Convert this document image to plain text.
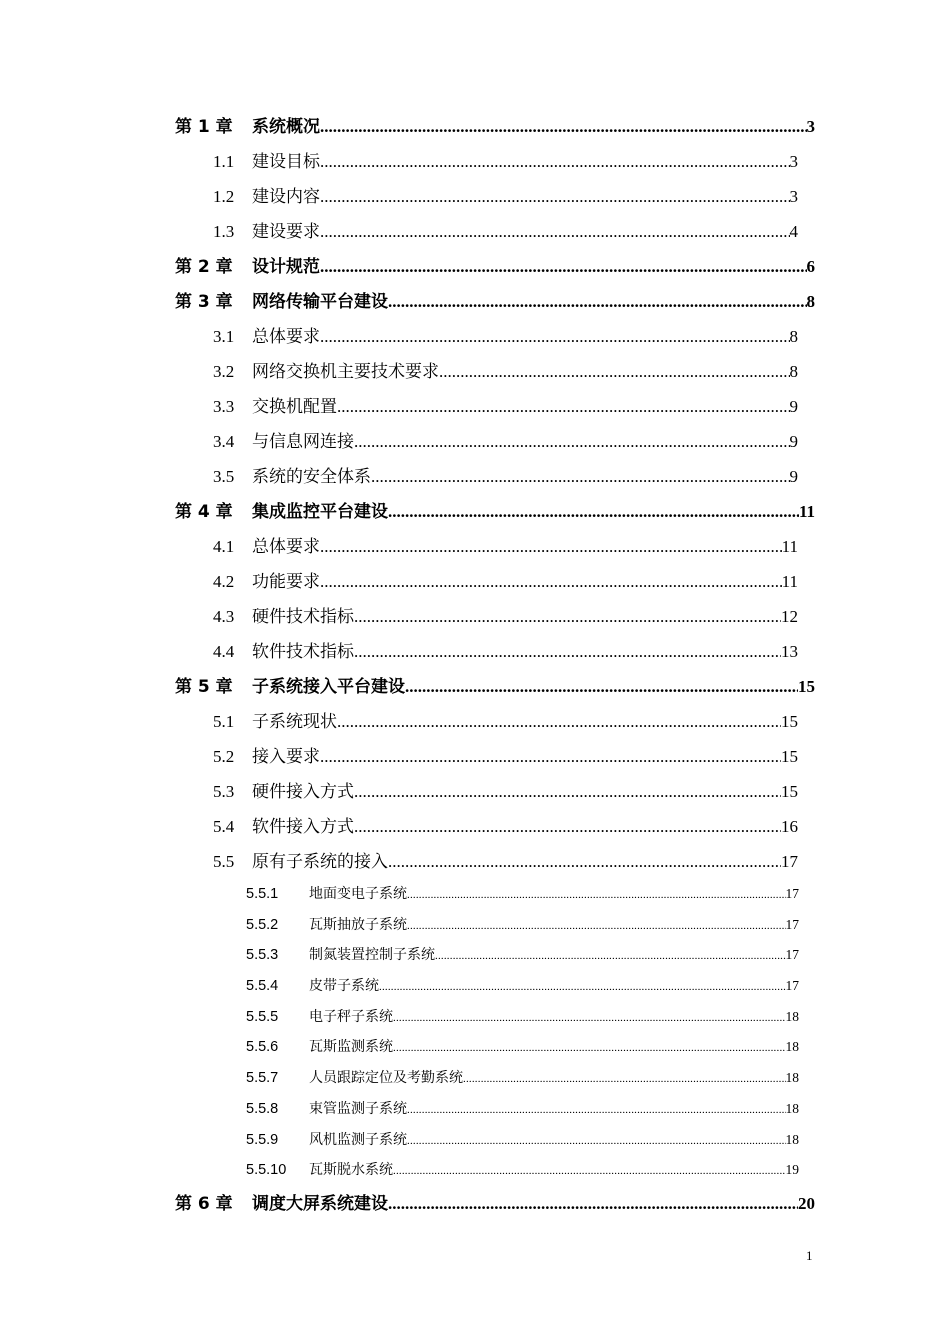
第 1 章	系统概况 .....	3
1.1	建设目标 .....	3
1.2	建设内容 .....	3
1.3	建设要求 .....	4
第 2 章	设计规范 .....	6
第 3 章	网络传输平台建设 .....	8
3.1	总体要求 .....	8
3.2	网络交换机主要技术要求 .....	8
3.3	交换机配置 .....	9
3.4	与信息网连接 .....	9
3.5	系统的安全体系 .....	9
第 4 章	集成监控平台建设 .....	11
4.1	总体要求 .....	11
4.2	功能要求 .....	11
4.3	硬件技术指标 .....	12
4.4	软件技术指标 .....	13
第 5 章	子系统接入平台建设 .....	15
5.1	子系统现状 .....	15
5.2	接入要求 .....	15
5.3	硬件接入方式 .....	15
5.4	软件接入方式 .....	16
5.5	原有子系统的接入 .....	17
5.5.1	地面变电子系统 .....	17
5.5.2	瓦斯抽放子系统 .....	17
5.5.3	制氮装置控制子系统 .....	17
5.5.4	皮带子系统 .....	17
5.5.5	电子秤子系统 .....	18
5.5.6	瓦斯监测系统 .....	18
5.5.7	人员跟踪定位及考勤系统 .....	18
5.5.8	束管监测子系统 .....	18
5.5.9	风机监测子系统 .....	18
5.5.10	瓦斯脱水系统 .....	19
第 6 章	调度大屏系统建设 .....	20
1
